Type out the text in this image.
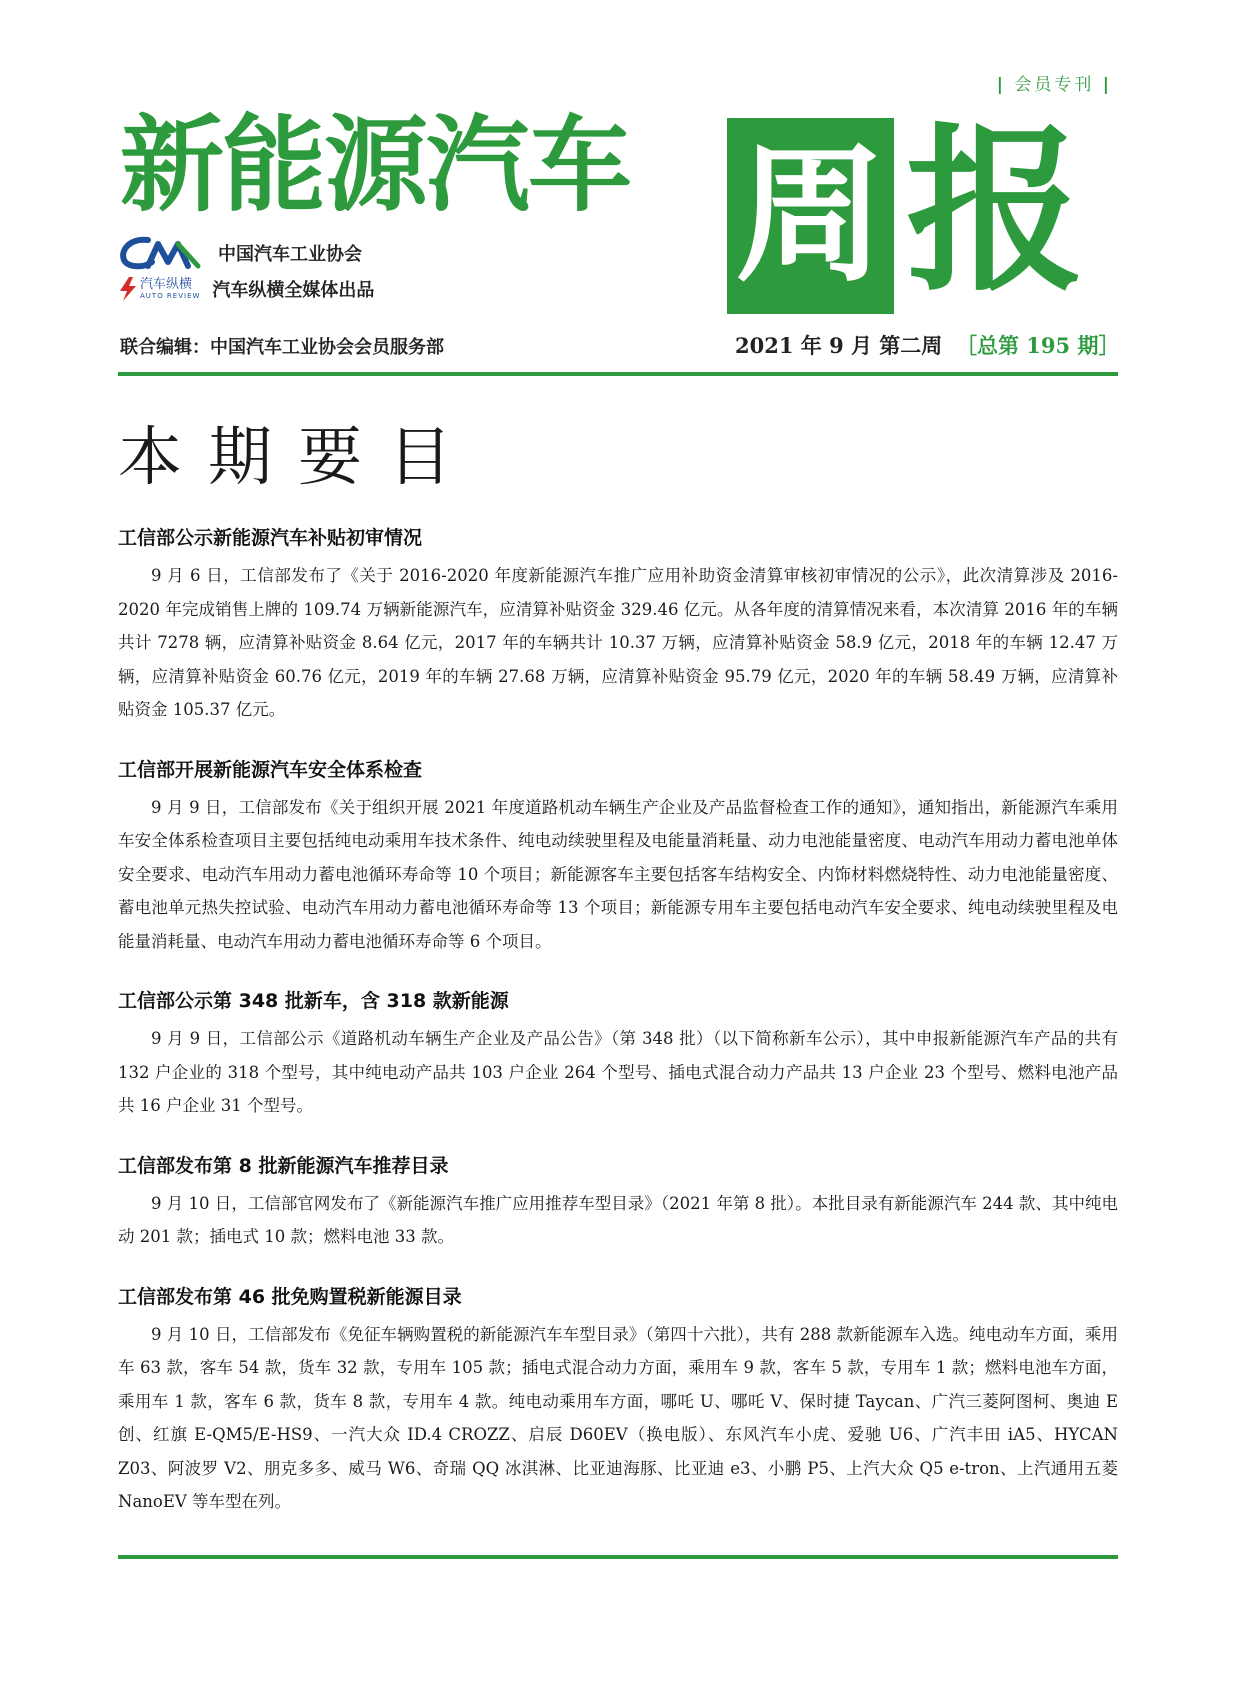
| 会员专刊 |
新能源汽车 周 报
中国汽车工业协会
汽车纵横
AUTO REVIEW 汽车纵横全媒体出品
联合编辑：中国汽车工业协会会员服务部	2021 年 9 月 第二周 ［总第 195 期］
本期要目
工信部公示新能源汽车补贴初审情况

9 月 6 日，工信部发布了《关于 2016-2020 年度新能源汽车推广应用补助资金清算审核初审情况的公示》，此次清算涉及 2016-2020 年完成销售上牌的 109.74 万辆新能源汽车，应清算补贴资金 329.46 亿元。从各年度的清算情况来看，本次清算 2016 年的车辆共计 7278 辆，应清算补贴资金 8.64 亿元，2017 年的车辆共计 10.37 万辆，应清算补贴资金 58.9 亿元，2018 年的车辆 12.47 万辆，应清算补贴资金 60.76 亿元，2019 年的车辆 27.68 万辆，应清算补贴资金 95.79 亿元，2020 年的车辆 58.49 万辆，应清算补贴资金 105.37 亿元。

工信部开展新能源汽车安全体系检查

9 月 9 日，工信部发布《关于组织开展 2021 年度道路机动车辆生产企业及产品监督检查工作的通知》，通知指出，新能源汽车乘用车安全体系检查项目主要包括纯电动乘用车技术条件、纯电动续驶里程及电能量消耗量、动力电池能量密度、电动汽车用动力蓄电池单体安全要求、电动汽车用动力蓄电池循环寿命等 10 个项目；新能源客车主要包括客车结构安全、内饰材料燃烧特性、动力电池能量密度、蓄电池单元热失控试验、电动汽车用动力蓄电池循环寿命等 13 个项目；新能源专用车主要包括电动汽车安全要求、纯电动续驶里程及电能量消耗量、电动汽车用动力蓄电池循环寿命等 6 个项目。

工信部公示第 348 批新车，含 318 款新能源

9 月 9 日，工信部公示《道路机动车辆生产企业及产品公告》（第 348 批）（以下简称新车公示），其中申报新能源汽车产品的共有 132 户企业的 318 个型号，其中纯电动产品共 103 户企业 264 个型号、插电式混合动力产品共 13 户企业 23 个型号、燃料电池产品共 16 户企业 31 个型号。

工信部发布第 8 批新能源汽车推荐目录

9 月 10 日，工信部官网发布了《新能源汽车推广应用推荐车型目录》（2021 年第 8 批）。本批目录有新能源汽车 244 款、其中纯电动 201 款；插电式 10 款；燃料电池 33 款。

工信部发布第 46 批免购置税新能源目录

9 月 10 日，工信部发布《免征车辆购置税的新能源汽车车型目录》（第四十六批），共有 288 款新能源车入选。纯电动车方面，乘用车 63 款，客车 54 款，货车 32 款，专用车 105 款；插电式混合动力方面，乘用车 9 款，客车 5 款，专用车 1 款；燃料电池车方面，乘用车 1 款，客车 6 款，货车 8 款，专用车 4 款。纯电动乘用车方面，哪吒 U、哪吒 V、保时捷 Taycan、广汽三菱阿图柯、奥迪 E 创、红旗 E-QM5/E-HS9、一汽大众 ID.4 CROZZ、启辰 D60EV（换电版）、东风汽车小虎、爱驰 U6、广汽丰田 iA5、HYCAN Z03、阿波罗 V2、朋克多多、威马 W6、奇瑞 QQ 冰淇淋、比亚迪海豚、比亚迪 e3、小鹏 P5、上汽大众 Q5 e-tron、上汽通用五菱 NanoEV 等车型在列。
